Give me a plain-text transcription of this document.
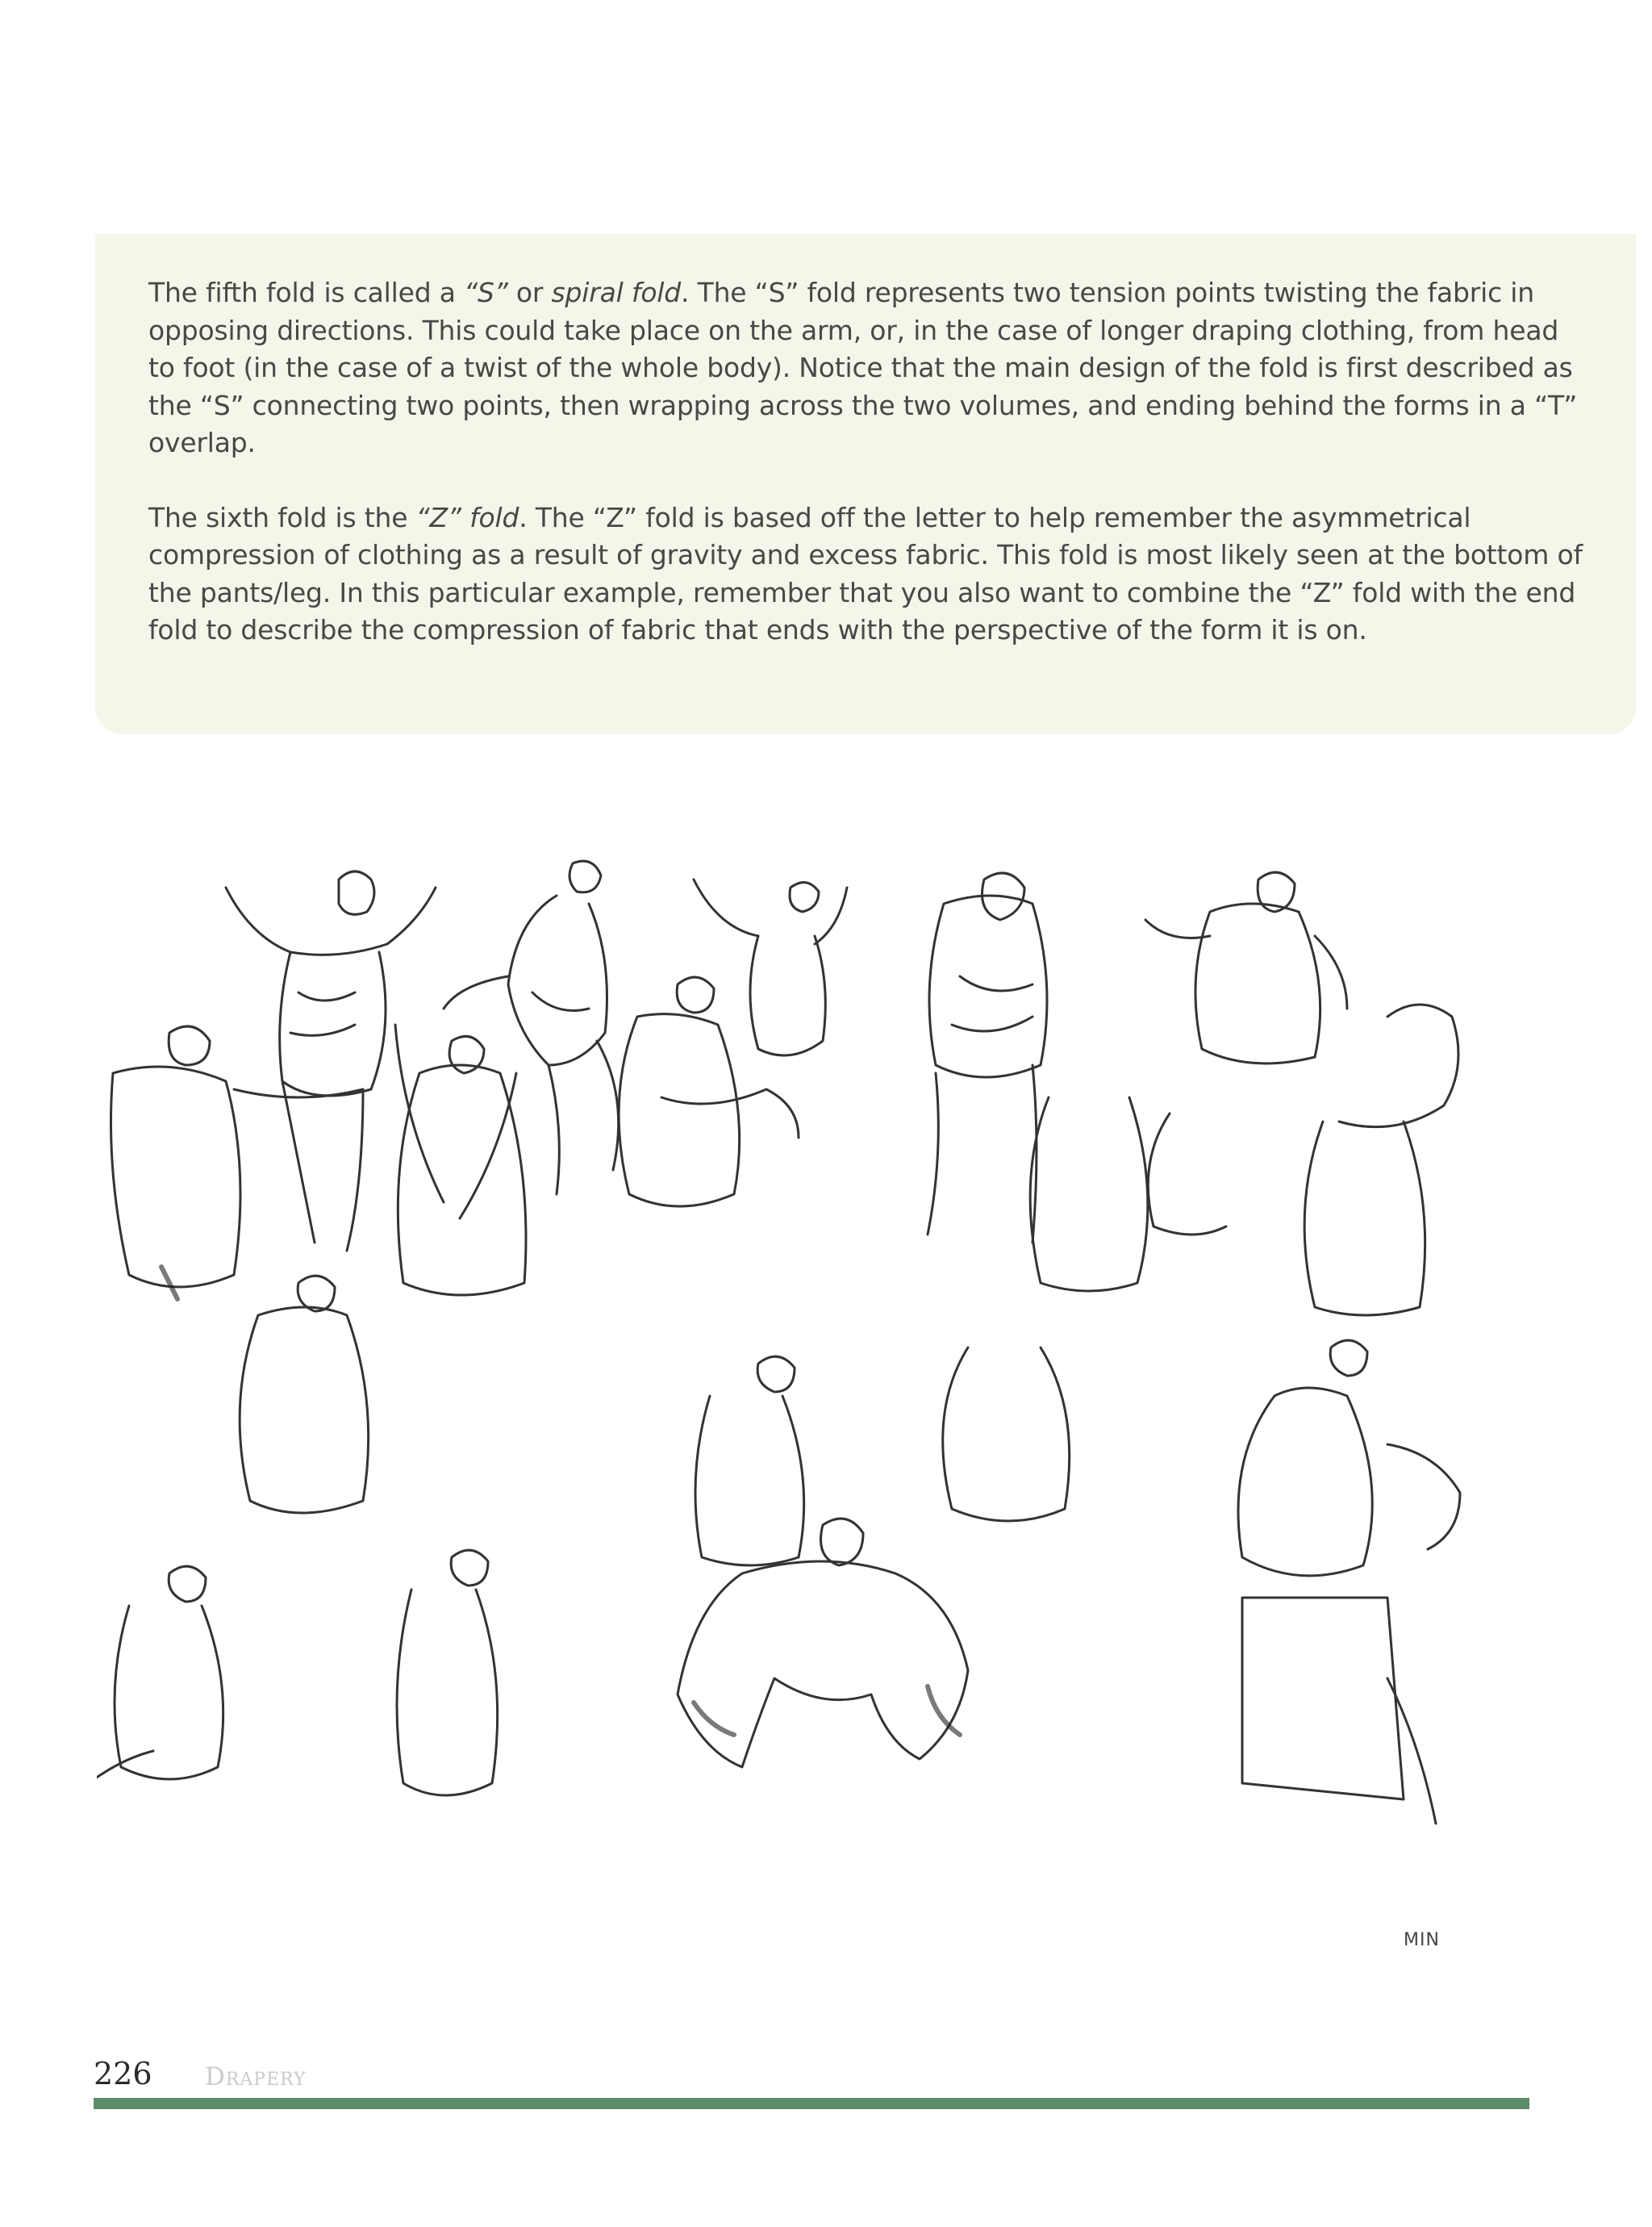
The fifth fold is called a “S” or spiral fold. The “S” fold represents two tension points twisting the fabric in opposing directions. This could take place on the arm, or, in the case of longer draping clothing, from head to foot (in the case of a twist of the whole body). Notice that the main design of the fold is first described as the “S” connecting two points, then wrapping across the two volumes, and ending behind the forms in a “T” overlap.

The sixth fold is the “Z” fold. The “Z” fold is based off the letter to help remember the asymmetrical compression of clothing as a result of gravity and excess fabric. This fold is most likely seen at the bottom of the pants/leg. In this particular example, remember that you also want to combine the “Z” fold with the end fold to describe the compression of fabric that ends with the perspective of the form it is on.

MIN
226 Drapery
